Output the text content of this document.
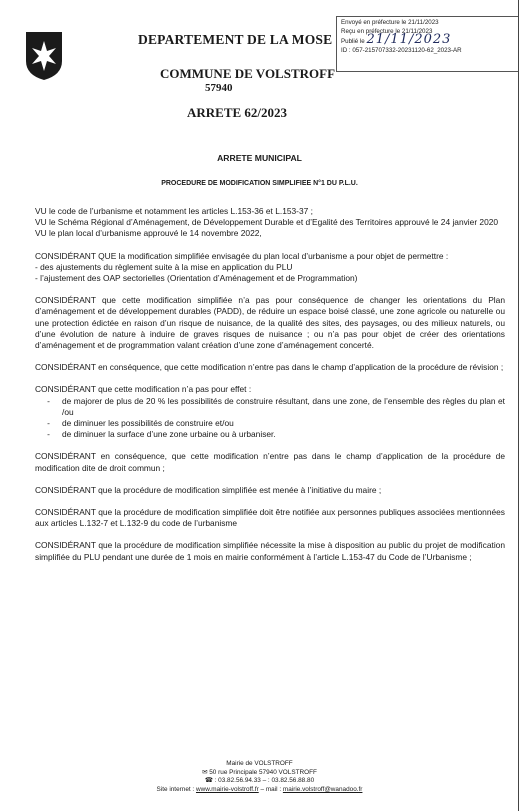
DEPARTEMENT DE LA MOSE
COMMUNE DE VOLSTROFF
57940
ARRETE 62/2023
Envoyé en préfecture le 21/11/2023
Reçu en préfecture le 21/11/2023
Publié le 21/11/2023
ID : 057-215707332-20231120-62_2023-AR
ARRETE MUNICIPAL
PROCEDURE DE MODIFICATION SIMPLIFIEE N°1 DU P.L.U.

VU le code de l’urbanisme et notamment les articles L.153-36 et L.153-37 ;

VU le Schéma Régional d’Aménagement, de Développement Durable et d’Egalité des Territoires approuvé le 24 janvier 2020

VU le plan local d’urbanisme approuvé le 14 novembre 2022,

CONSIDÉRANT QUE la modification simplifiée envisagée du plan local d’urbanisme a pour objet de permettre :

- des ajustements du règlement suite à la mise en application du PLU

- l’ajustement des OAP sectorielles (Orientation d’Aménagement et de Programmation)

CONSIDÉRANT que cette modification simplifiée n’a pas pour conséquence de changer les orientations du Plan d’aménagement et de développement durables (PADD), de réduire un espace boisé classé, une zone agricole ou naturelle ou une protection édictée en raison d’un risque de nuisance, de la qualité des sites, des paysages, ou des milieux naturels, ou d’une évolution de nature à induire de graves risques de nuisance ; ou n’a pas pour objet de créer des orientations d’aménagement et de programmation valant création d’une zone d’aménagement concerté.

CONSIDÉRANT en conséquence, que cette modification n’entre pas dans le champ d’application de la procédure de révision ;

CONSIDÉRANT que cette modification n’a pas pour effet :

-	de majorer de plus de 20 % les possibilités de construire résultant, dans une zone, de l’ensemble des règles du plan et /ou
-	de diminuer les possibilités de construire et/ou
-	de diminuer la surface d’une zone urbaine ou à urbaniser.

CONSIDÉRANT en conséquence, que cette modification n’entre pas dans le champ d’application de la procédure de modification dite de droit commun ;

CONSIDÉRANT que la procédure de modification simplifiée est menée à l’initiative du maire ;

CONSIDÉRANT que la procédure de modification simplifiée doit être notifiée aux personnes publiques associées mentionnées aux articles L.132-7 et L.132-9 du code de l’urbanisme

CONSIDÉRANT que la procédure de modification simplifiée nécessite la mise à disposition au public du projet de modification simplifiée du PLU pendant une durée de 1 mois en mairie conformément à l’article L.153-47 du Code de l’Urbanisme ;

Mairie de VOLSTROFF
✉ 50 rue Principale 57940 VOLSTROFF
☎ : 03.82.56.94.33 – : 03.82.56.88.80
Site internet : www.mairie-volstroff.fr – mail : mairie.volstroff@wanadoo.fr
